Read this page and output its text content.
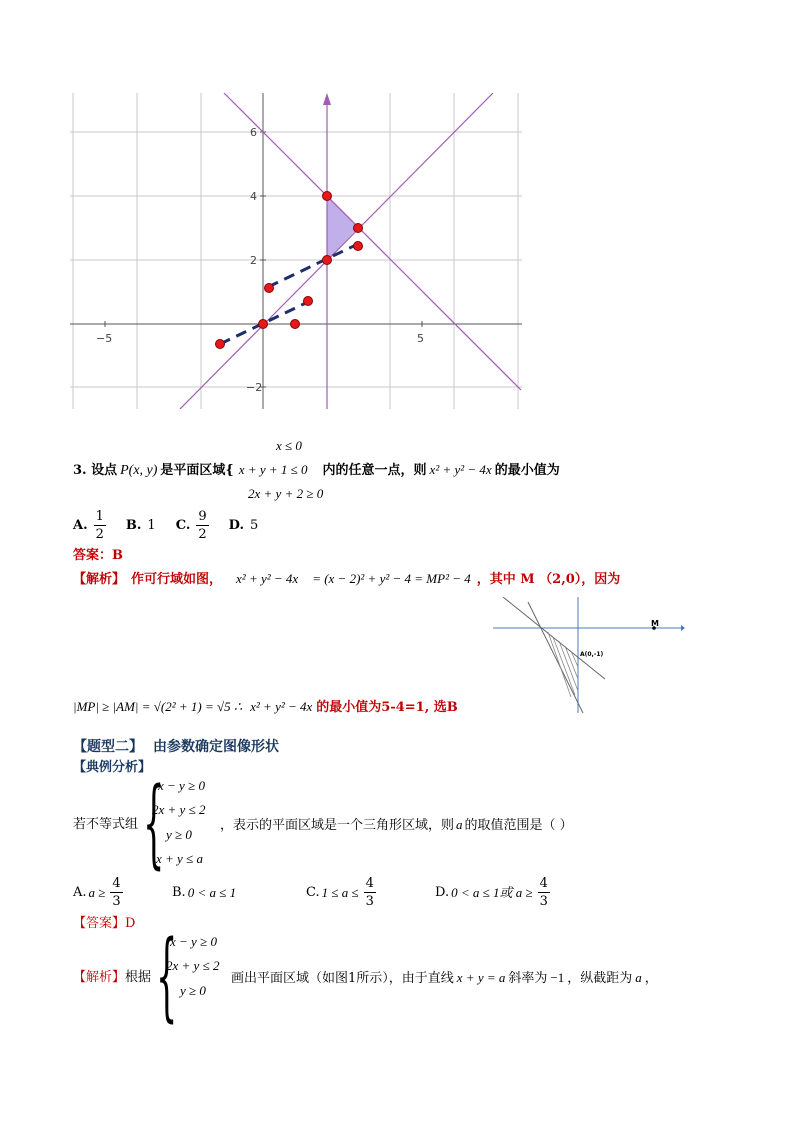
−5	5
6
4
2
−2
x ≤ 0
3. 设点 P(x, y) 是平面区域{ x + y + 1 ≤ 0 内的任意一点，则 x² + y² − 4x 的最小值为
2x + y + 2 ≥ 0
A. $\frac{1}{2} B$. 1 C. $\frac{9}{2} D$. 5
答案：B
【解析】 作可行域如图， x² + y² − 4x = (x − 2)² + y² − 4 = MP² − 4 ，其中 M （2,0），因为
M
A(0,-1)
|MP| ≥ |AM| = √(2² + 1) = √5 ∴ x² + y² − 4x 的最小值为5-4=1, 选B
【题型二】 由参数确定图像形状
【典例分析】
若不等式组 {
x − y ≥ 0
2x + y ≤ 2
y ≥ 0
x + y ≤ a
，表示的平面区域是一个三角形区域，则 a 的取值范围是（ ）
A. $a \ge \frac{4}{3}$	B. 0 < a ≤ 1	C. $1 \le a \le \frac{4}{3}$	D. 0 < a ≤ 1或 $a \ge \frac{4}{3}$
【答案】D
【解析】 根据 {
x − y ≥ 0
2x + y ≤ 2
y ≥ 0
画出平面区域（如图1所示），由于直线 x + y = a 斜率为 −1 ，纵截距为 a ，
